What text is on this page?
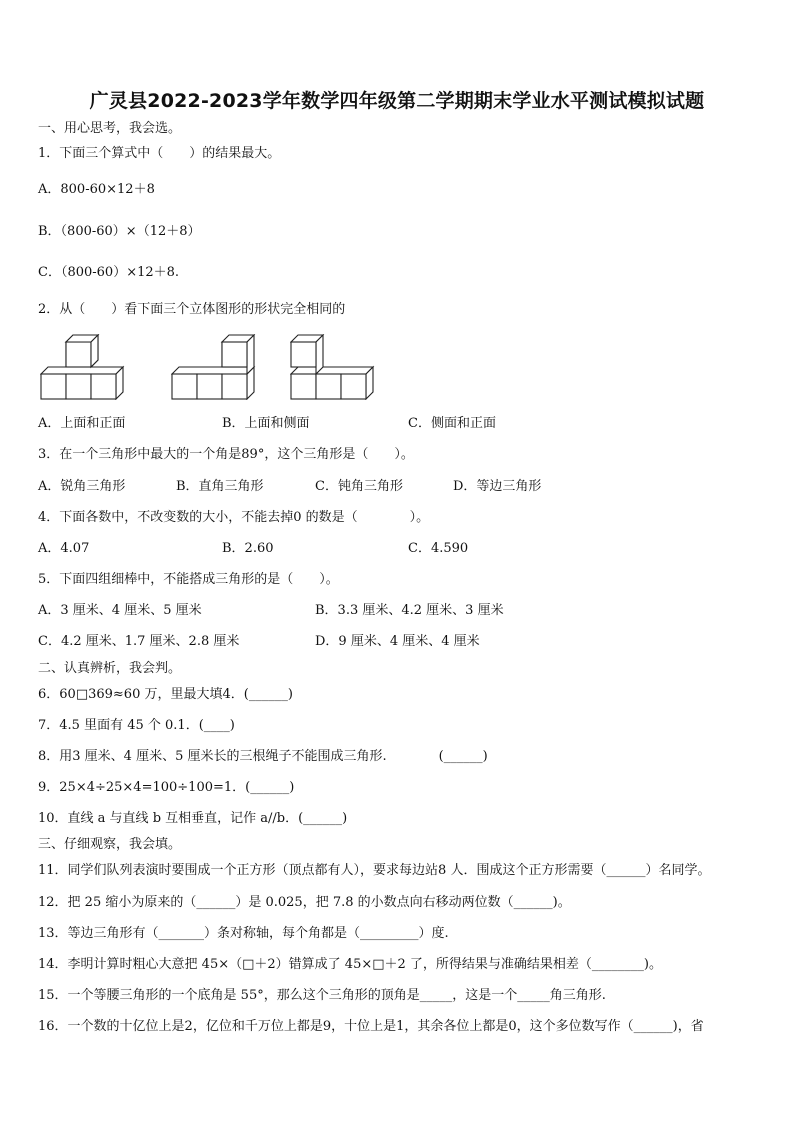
广灵县2022-2023学年数学四年级第二学期期末学业水平测试模拟试题
一、用心思考，我会选。
1．下面三个算式中（　　）的结果最大。
A．800-60×12＋8
B．（800-60）×（12＋8）
C．（800-60）×12＋8.
2．从（　　）看下面三个立体图形的形状完全相同的
A．上面和正面	B．上面和侧面	C．侧面和正面
3．在一个三角形中最大的一个角是89°，这个三角形是（　　）。
A．锐角三角形	B．直角三角形	C．钝角三角形	D．等边三角形
4．下面各数中，不改变数的大小，不能去掉0 的数是（　　　　）。
A．4.07	B．2.60	C．4.590
5．下面四组细棒中，不能搭成三角形的是（　　）。
A．3 厘米、4 厘米、5 厘米	B．3.3 厘米、4.2 厘米、3 厘米
C．4.2 厘米、1.7 厘米、2.8 厘米	D．9 厘米、4 厘米、4 厘米
二、认真辨析，我会判。
6．60□369≈60 万，里最大填4．(______)
7．4.5 里面有 45 个 0.1．(____)
8．用3 厘米、4 厘米、5 厘米长的三根绳子不能围成三角形.　　　　(______)
9．25×4÷25×4=100÷100=1．(______)
10．直线 a 与直线 b 互相垂直，记作 a//b．(______)
三、仔细观察，我会填。
11．同学们队列表演时要围成一个正方形（顶点都有人），要求每边站8 人．围成这个正方形需要（______）名同学。
12．把 25 缩小为原来的（______）是 0.025，把 7.8 的小数点向右移动两位数（______)。
13．等边三角形有（_______）条对称轴，每个角都是（_________）度.
14．李明计算时粗心大意把 45×（□＋2）错算成了 45×□＋2 了，所得结果与准确结果相差（________)。
15．一个等腰三角形的一个底角是 55°，那么这个三角形的顶角是_____，这是一个_____角三角形.
16．一个数的十亿位上是2，亿位和千万位上都是9，十位上是1，其余各位上都是0，这个多位数写作（______)，省
